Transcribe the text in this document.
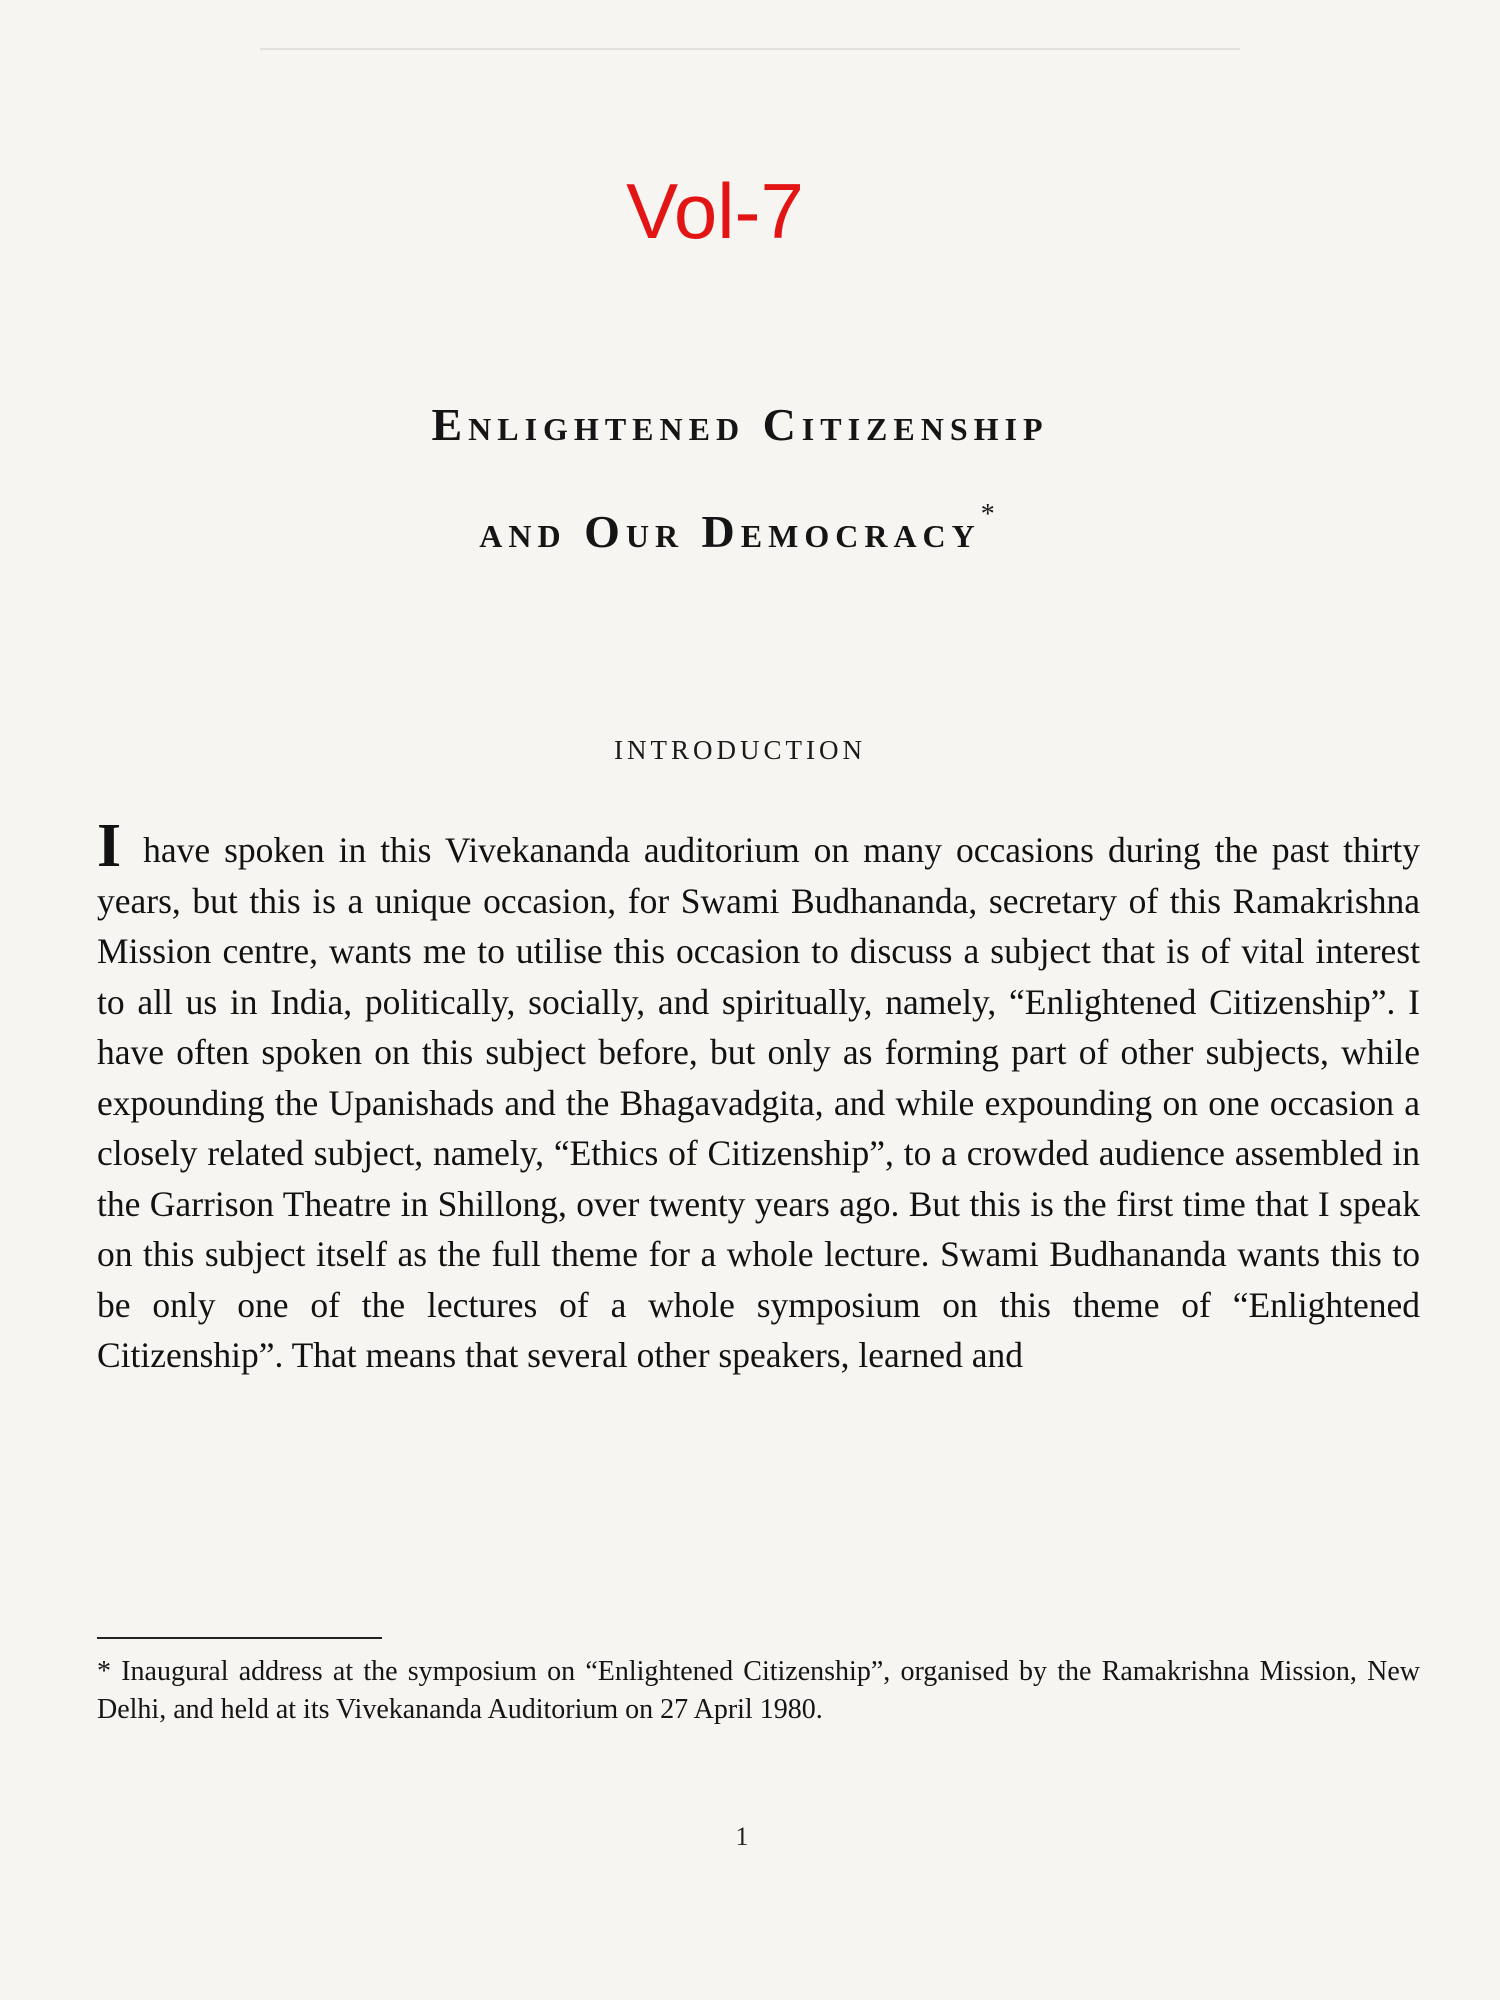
Vol-7
Enlightened Citizenship
and Our Democracy*
INTRODUCTION
I have spoken in this Vivekananda auditorium on many occasions during the past thirty years, but this is a unique occasion, for Swami Budhananda, secretary of this Ramakrishna Mission centre, wants me to utilise this occasion to discuss a subject that is of vital interest to all us in India, politically, socially, and spiritually, namely, “Enlightened Citizenship”. I have often spoken on this subject before, but only as forming part of other subjects, while expounding the Upanishads and the Bhagavadgita, and while expounding on one occasion a closely related subject, namely, “Ethics of Citizenship”, to a crowded audience assembled in the Garrison Theatre in Shillong, over twenty years ago. But this is the first time that I speak on this subject itself as the full theme for a whole lecture. Swami Budhananda wants this to be only one of the lectures of a whole symposium on this theme of “Enlightened Citizenship”. That means that several other speakers, learned and
* Inaugural address at the symposium on “Enlightened Citizenship”, organised by the Ramakrishna Mission, New Delhi, and held at its Vivekananda Auditorium on 27 April 1980.
1
